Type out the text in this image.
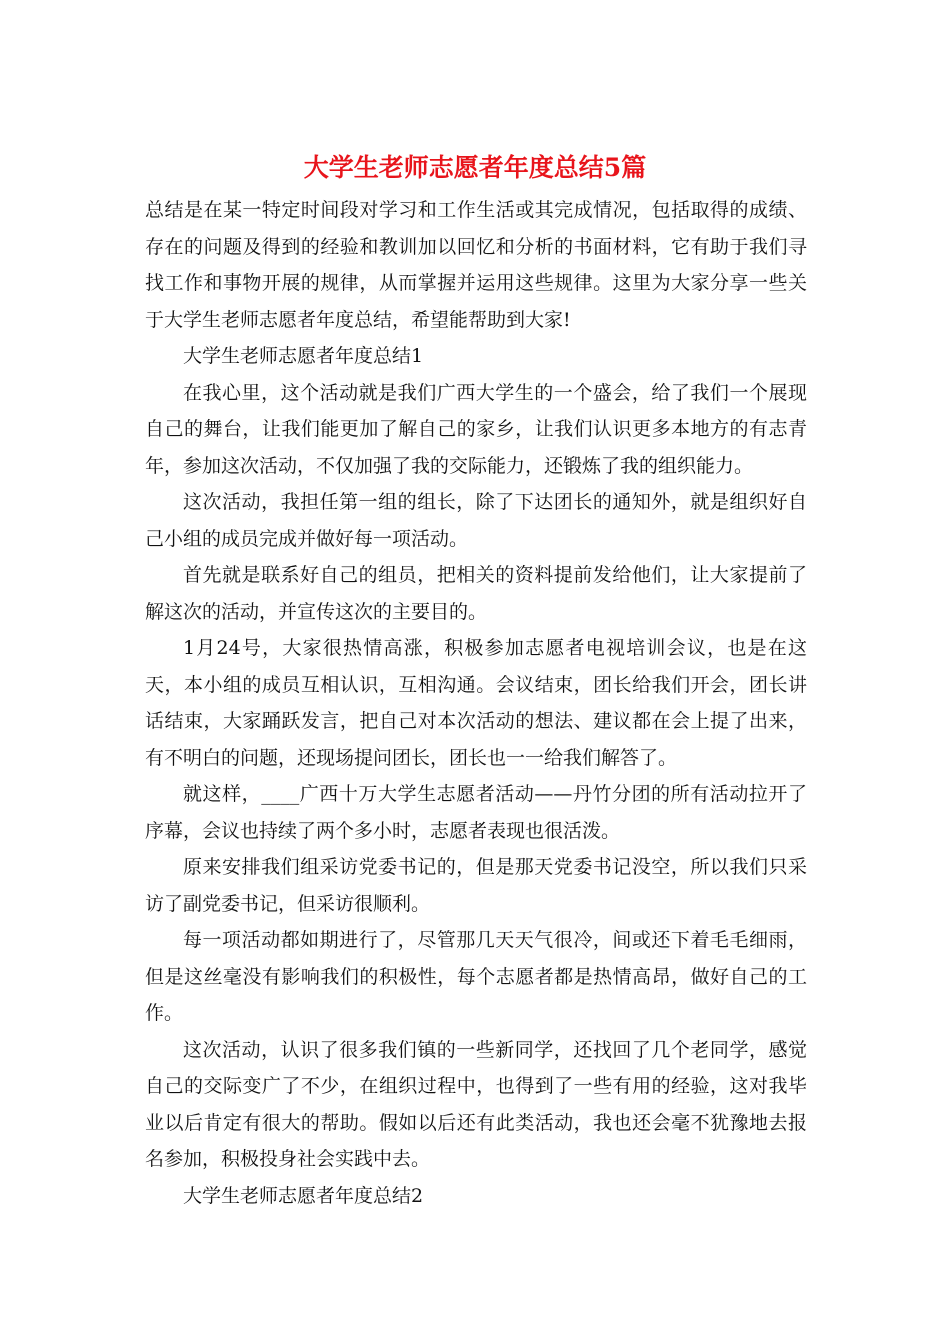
大学生老师志愿者年度总结5篇

总结是在某一特定时间段对学习和工作生活或其完成情况，包括取得的成绩、存在的问题及得到的经验和教训加以回忆和分析的书面材料，它有助于我们寻找工作和事物开展的规律，从而掌握并运用这些规律。这里为大家分享一些关于大学生老师志愿者年度总结，希望能帮助到大家!

大学生老师志愿者年度总结1

在我心里，这个活动就是我们广西大学生的一个盛会，给了我们一个展现自己的舞台，让我们能更加了解自己的家乡，让我们认识更多本地方的有志青年，参加这次活动，不仅加强了我的交际能力，还锻炼了我的组织能力。

这次活动，我担任第一组的组长，除了下达团长的通知外，就是组织好自己小组的成员完成并做好每一项活动。

首先就是联系好自己的组员，把相关的资料提前发给他们，让大家提前了解这次的活动，并宣传这次的主要目的。

1月24号，大家很热情高涨，积极参加志愿者电视培训会议，也是在这天，本小组的成员互相认识，互相沟通。会议结束，团长给我们开会，团长讲话结束，大家踊跃发言，把自己对本次活动的想法、建议都在会上提了出来，有不明白的问题，还现场提问团长，团长也一一给我们解答了。

就这样，____广西十万大学生志愿者活动——丹竹分团的所有活动拉开了序幕，会议也持续了两个多小时，志愿者表现也很活泼。

原来安排我们组采访党委书记的，但是那天党委书记没空，所以我们只采访了副党委书记，但采访很顺利。

每一项活动都如期进行了，尽管那几天天气很冷，间或还下着毛毛细雨，但是这丝毫没有影响我们的积极性，每个志愿者都是热情高昂，做好自己的工作。

这次活动，认识了很多我们镇的一些新同学，还找回了几个老同学，感觉自己的交际变广了不少，在组织过程中，也得到了一些有用的经验，这对我毕业以后肯定有很大的帮助。假如以后还有此类活动，我也还会毫不犹豫地去报名参加，积极投身社会实践中去。

大学生老师志愿者年度总结2
